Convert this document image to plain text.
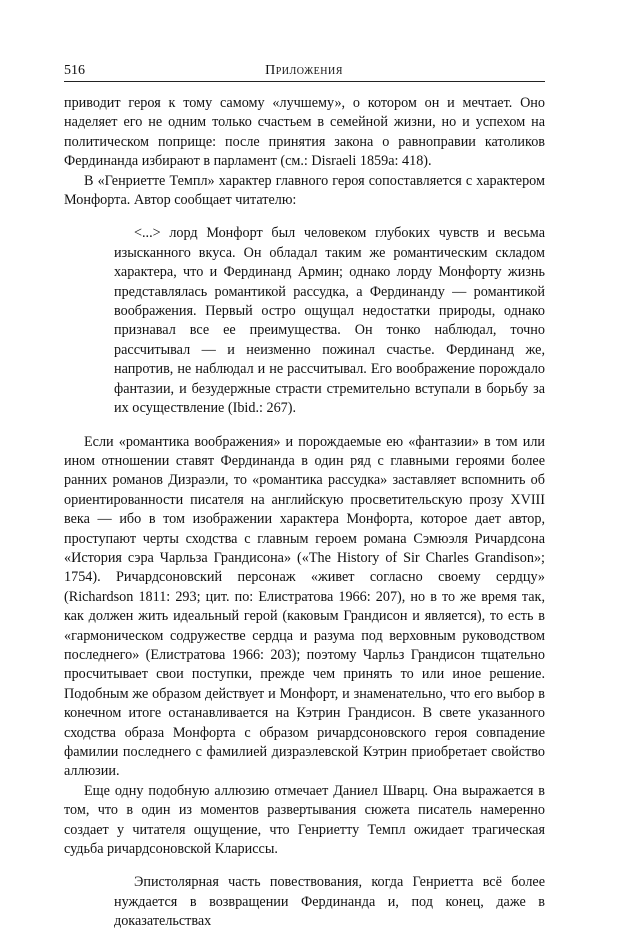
516	Приложения

приводит героя к тому самому «лучшему», о котором он и мечтает. Оно наделяет его не одним только счастьем в семейной жизни, но и успехом на политическом поприще: после принятия закона о равноправии католиков Фердинанда избирают в парламент (см.: Disraeli 1859a: 418).

В «Генриетте Темпл» характер главного героя сопоставляется с характером Монфорта. Автор сообщает читателю:

<...> лорд Монфорт был человеком глубоких чувств и весьма изысканного вкуса. Он обладал таким же романтическим складом характера, что и Фердинанд Армин; однако лорду Монфорту жизнь представлялась романтикой рассудка, а Фердинанду — романтикой воображения. Первый остро ощущал недостатки природы, однако признавал все ее преимущества. Он тонко наблюдал, точно рассчитывал — и неизменно пожинал счастье. Фердинанд же, напротив, не наблюдал и не рассчитывал. Его воображение порождало фантазии, и безудержные страсти стремительно вступали в борьбу за их осуществление (Ibid.: 267).

Если «романтика воображения» и порождаемые ею «фантазии» в том или ином отношении ставят Фердинанда в один ряд с главными героями более ранних романов Дизраэли, то «романтика рассудка» заставляет вспомнить об ориентированности писателя на английскую просветительскую прозу XVIII века — ибо в том изображении характера Монфорта, которое дает автор, проступают черты сходства с главным героем романа Сэмюэля Ричардсона «История сэра Чарльза Грандисона» («The History of Sir Charles Grandison»; 1754). Ричардсоновский персонаж «живет согласно своему сердцу» (Richardson 1811: 293; цит. по: Елистратова 1966: 207), но в то же время так, как должен жить идеальный герой (каковым Грандисон и является), то есть в «гармоническом содружестве сердца и разума под верховным руководством последнего» (Елистратова 1966: 203); поэтому Чарльз Грандисон тщательно просчитывает свои поступки, прежде чем принять то или иное решение. Подобным же образом действует и Монфорт, и знаменательно, что его выбор в конечном итоге останавливается на Кэтрин Грандисон. В свете указанного сходства образа Монфорта с образом ричардсоновского героя совпадение фамилии последнего с фамилией дизраэлевской Кэтрин приобретает свойство аллюзии.

Еще одну подобную аллюзию отмечает Даниел Шварц. Она выражается в том, что в один из моментов развертывания сюжета писатель намеренно создает у читателя ощущение, что Генриетту Темпл ожидает трагическая судьба ричардсоновской Клариссы.

Эпистолярная часть повествования, когда Генриетта всё более нуждается в возвращении Фердинанда и, под конец, даже в доказательствах
